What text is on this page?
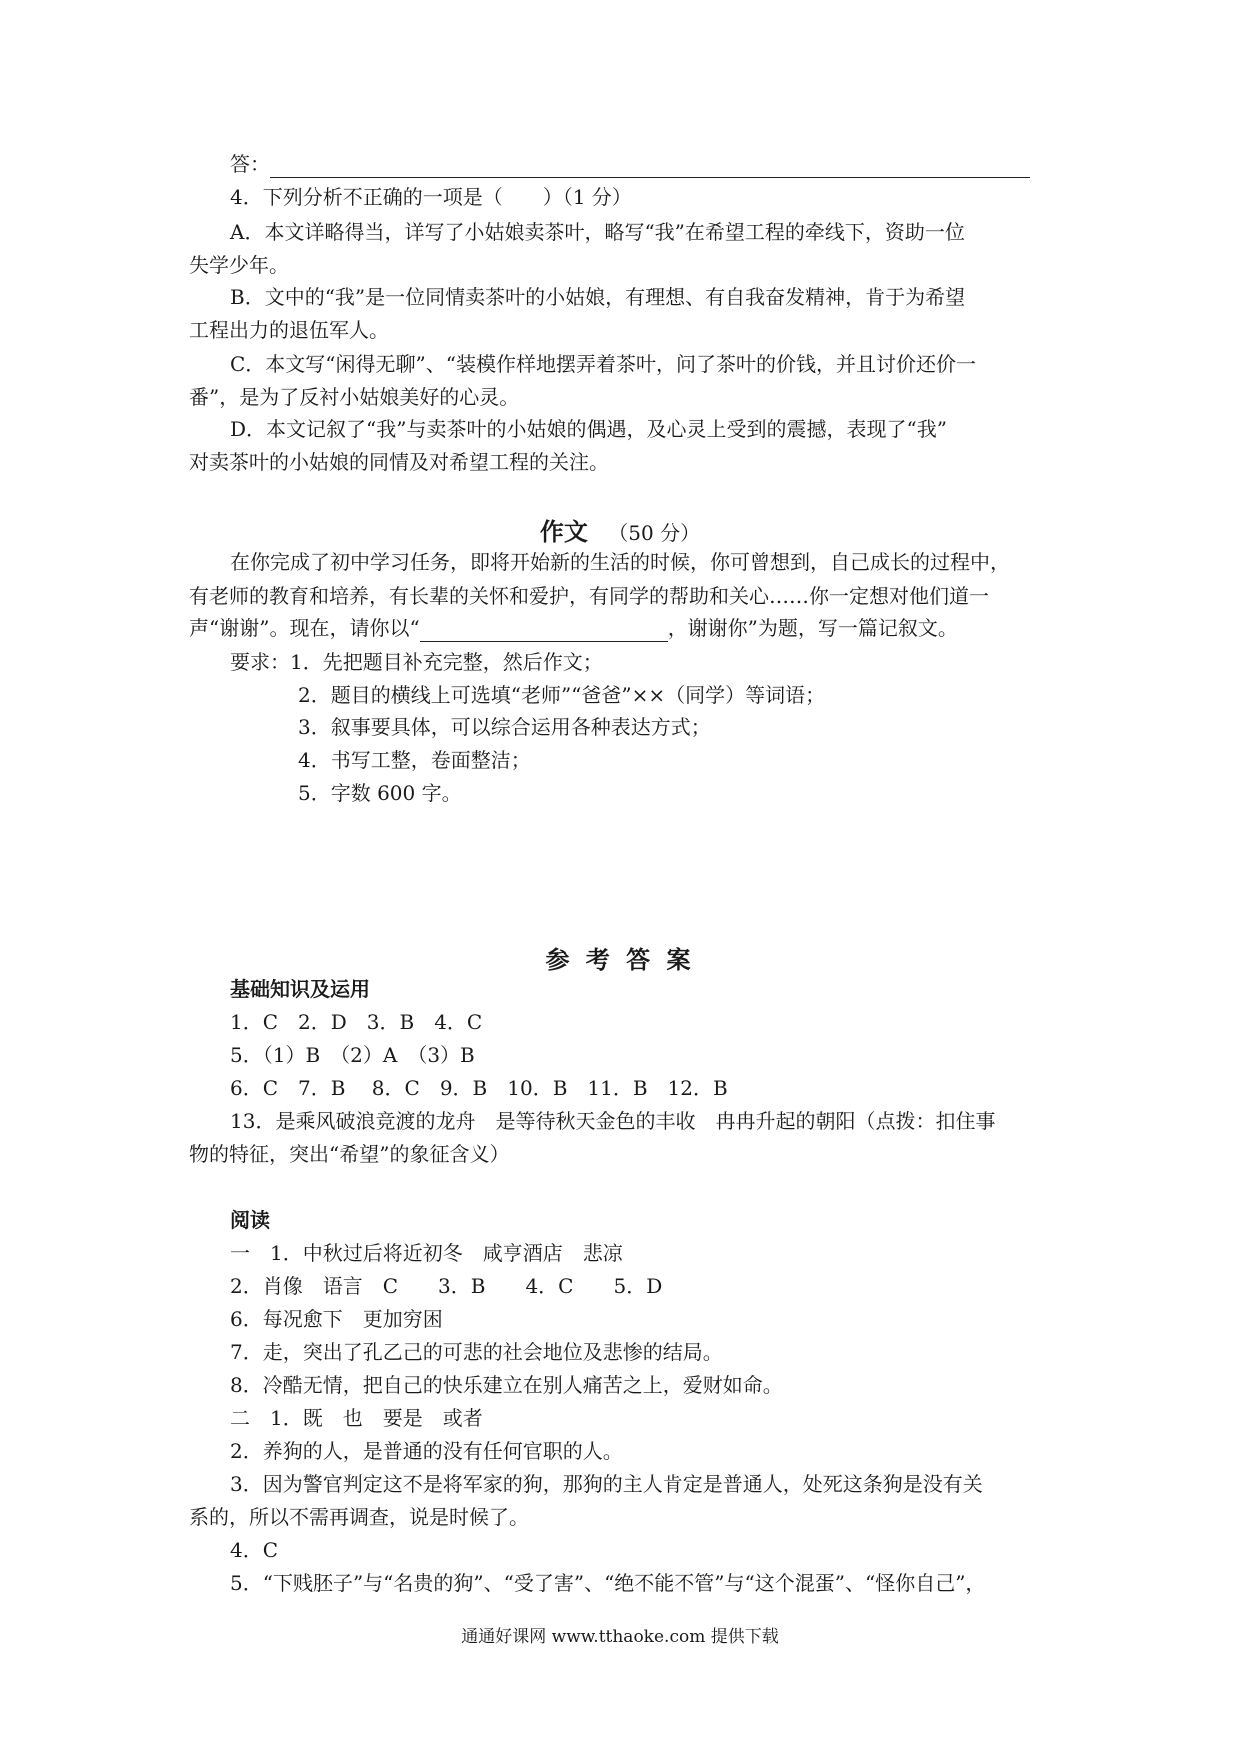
答：
4．下列分析不正确的一项是（　　）（1 分）
A．本文详略得当，详写了小姑娘卖茶叶，略写“我”在希望工程的牵线下，资助一位
失学少年。
B．文中的“我”是一位同情卖茶叶的小姑娘，有理想、有自我奋发精神，肯于为希望
工程出力的退伍军人。
C．本文写“闲得无聊”、“装模作样地摆弄着茶叶，问了茶叶的价钱，并且讨价还价一
番”，是为了反衬小姑娘美好的心灵。
D．本文记叙了“我”与卖茶叶的小姑娘的偶遇，及心灵上受到的震撼，表现了“我”
对卖茶叶的小姑娘的同情及对希望工程的关注。
作文 （50 分）
在你完成了初中学习任务，即将开始新的生活的时候，你可曾想到，自己成长的过程中，
有老师的教育和培养，有长辈的关怀和爱护，有同学的帮助和关心……你一定想对他们道一
声“谢谢”。现在，请你以“	，谢谢你”为题，写一篇记叙文。
要求：1．先把题目补充完整，然后作文；
2．题目的横线上可选填“老师”“爸爸”××（同学）等词语；
3．叙事要具体，可以综合运用各种表达方式；
4．书写工整，卷面整洁；
5．字数 600 字。
参 考 答 案
基础知识及运用
1．C　2．D　3．B　4．C
5．（1）B　（2）A　（3）B
6．C　7．B　 8．C　9．B　10．B　11．B　12．B
13．是乘风破浪竞渡的龙舟　是等待秋天金色的丰收　冉冉升起的朝阳（点拨：扣住事
物的特征，突出“希望”的象征含义）
阅读
一　1．中秋过后将近初冬　咸亨酒店　悲凉
2．肖像　语言　C　　3．B　　4．C　　5．D
6．每况愈下　更加穷困
7．走，突出了孔乙己的可悲的社会地位及悲惨的结局。
8．冷酷无情，把自己的快乐建立在别人痛苦之上，爱财如命。
二　1．既　也　要是　或者
2．养狗的人，是普通的没有任何官职的人。
3．因为警官判定这不是将军家的狗，那狗的主人肯定是普通人，处死这条狗是没有关
系的，所以不需再调查，说是时候了。
4．C
5．“下贱胚子”与“名贵的狗”、“受了害”、“绝不能不管”与“这个混蛋”、“怪你自己”，
通通好课网 www.tthaoke.com 提供下载
